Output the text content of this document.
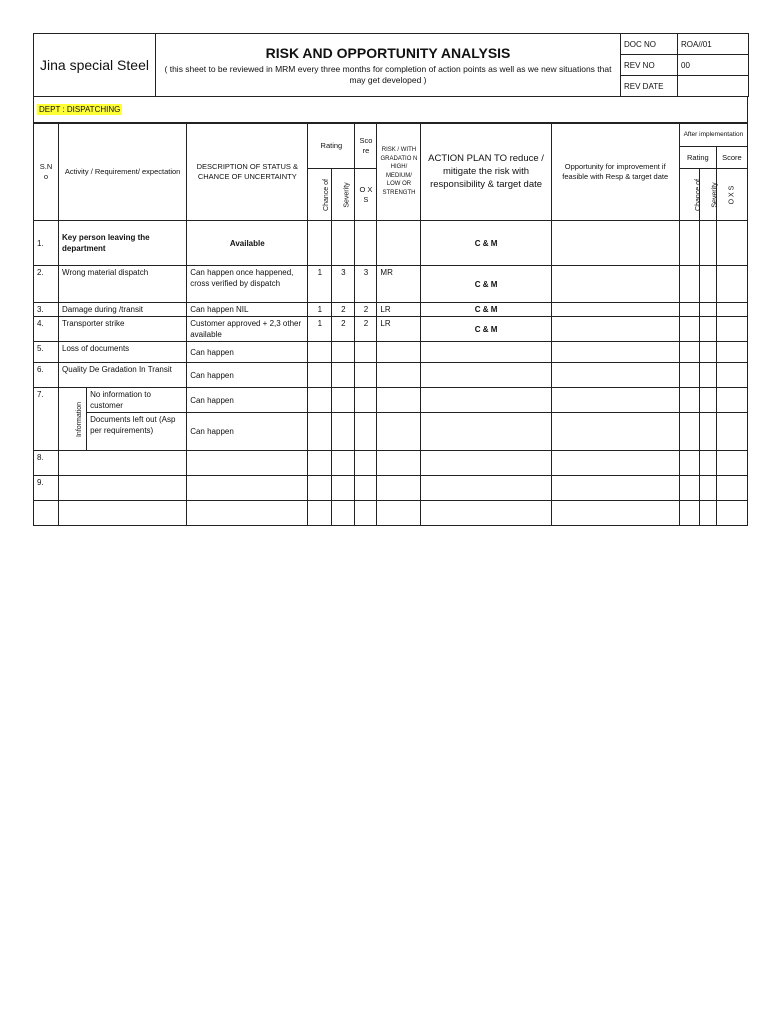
Jina special Steel	RISK AND OPPORTUNITY ANALYSIS
( this sheet to be reviewed in MRM every three months for completion of action points as well as we new situations that may get developed )	DOC NO	ROA//01
		REV NO	00
		REV DATE	
DEPT : DISPATCHING
S.N o	Activity / Requirement/ expectation		DESCRIPTION OF STATUS & CHANCE OF UNCERTAINTY	Rating		Sco re	RISK / WITH GRADATIO N HIGH/ MEDIUM/ LOW OR STRENGTH	ACTION PLAN TO reduce / mitigate the risk with responsibility & target date	Opportunity for improvement if feasible with Resp & target date	After implementation		
										Rating		Score
				Chance of	Severity	O X S				Chance of	Severity	O X S
1.	Key person leaving the department		Available					C & M				
2.	Wrong material dispatch		Can happen once happened, cross verified by dispatch	1	3	3	MR	C & M				
3.	Damage during /transit		Can happen NIL	1	2	2	LR	C & M				
4.	Transporter strike		Customer approved + 2,3 other available	1	2	2	LR	C & M				
5.	Loss of documents		Can happen									
6.	Quality De Gradation In Transit		Can happen									
7.	Information	No information to customer	Can happen									
		Documents left out (Asp per requirements)	Can happen									
8.												
9.												
